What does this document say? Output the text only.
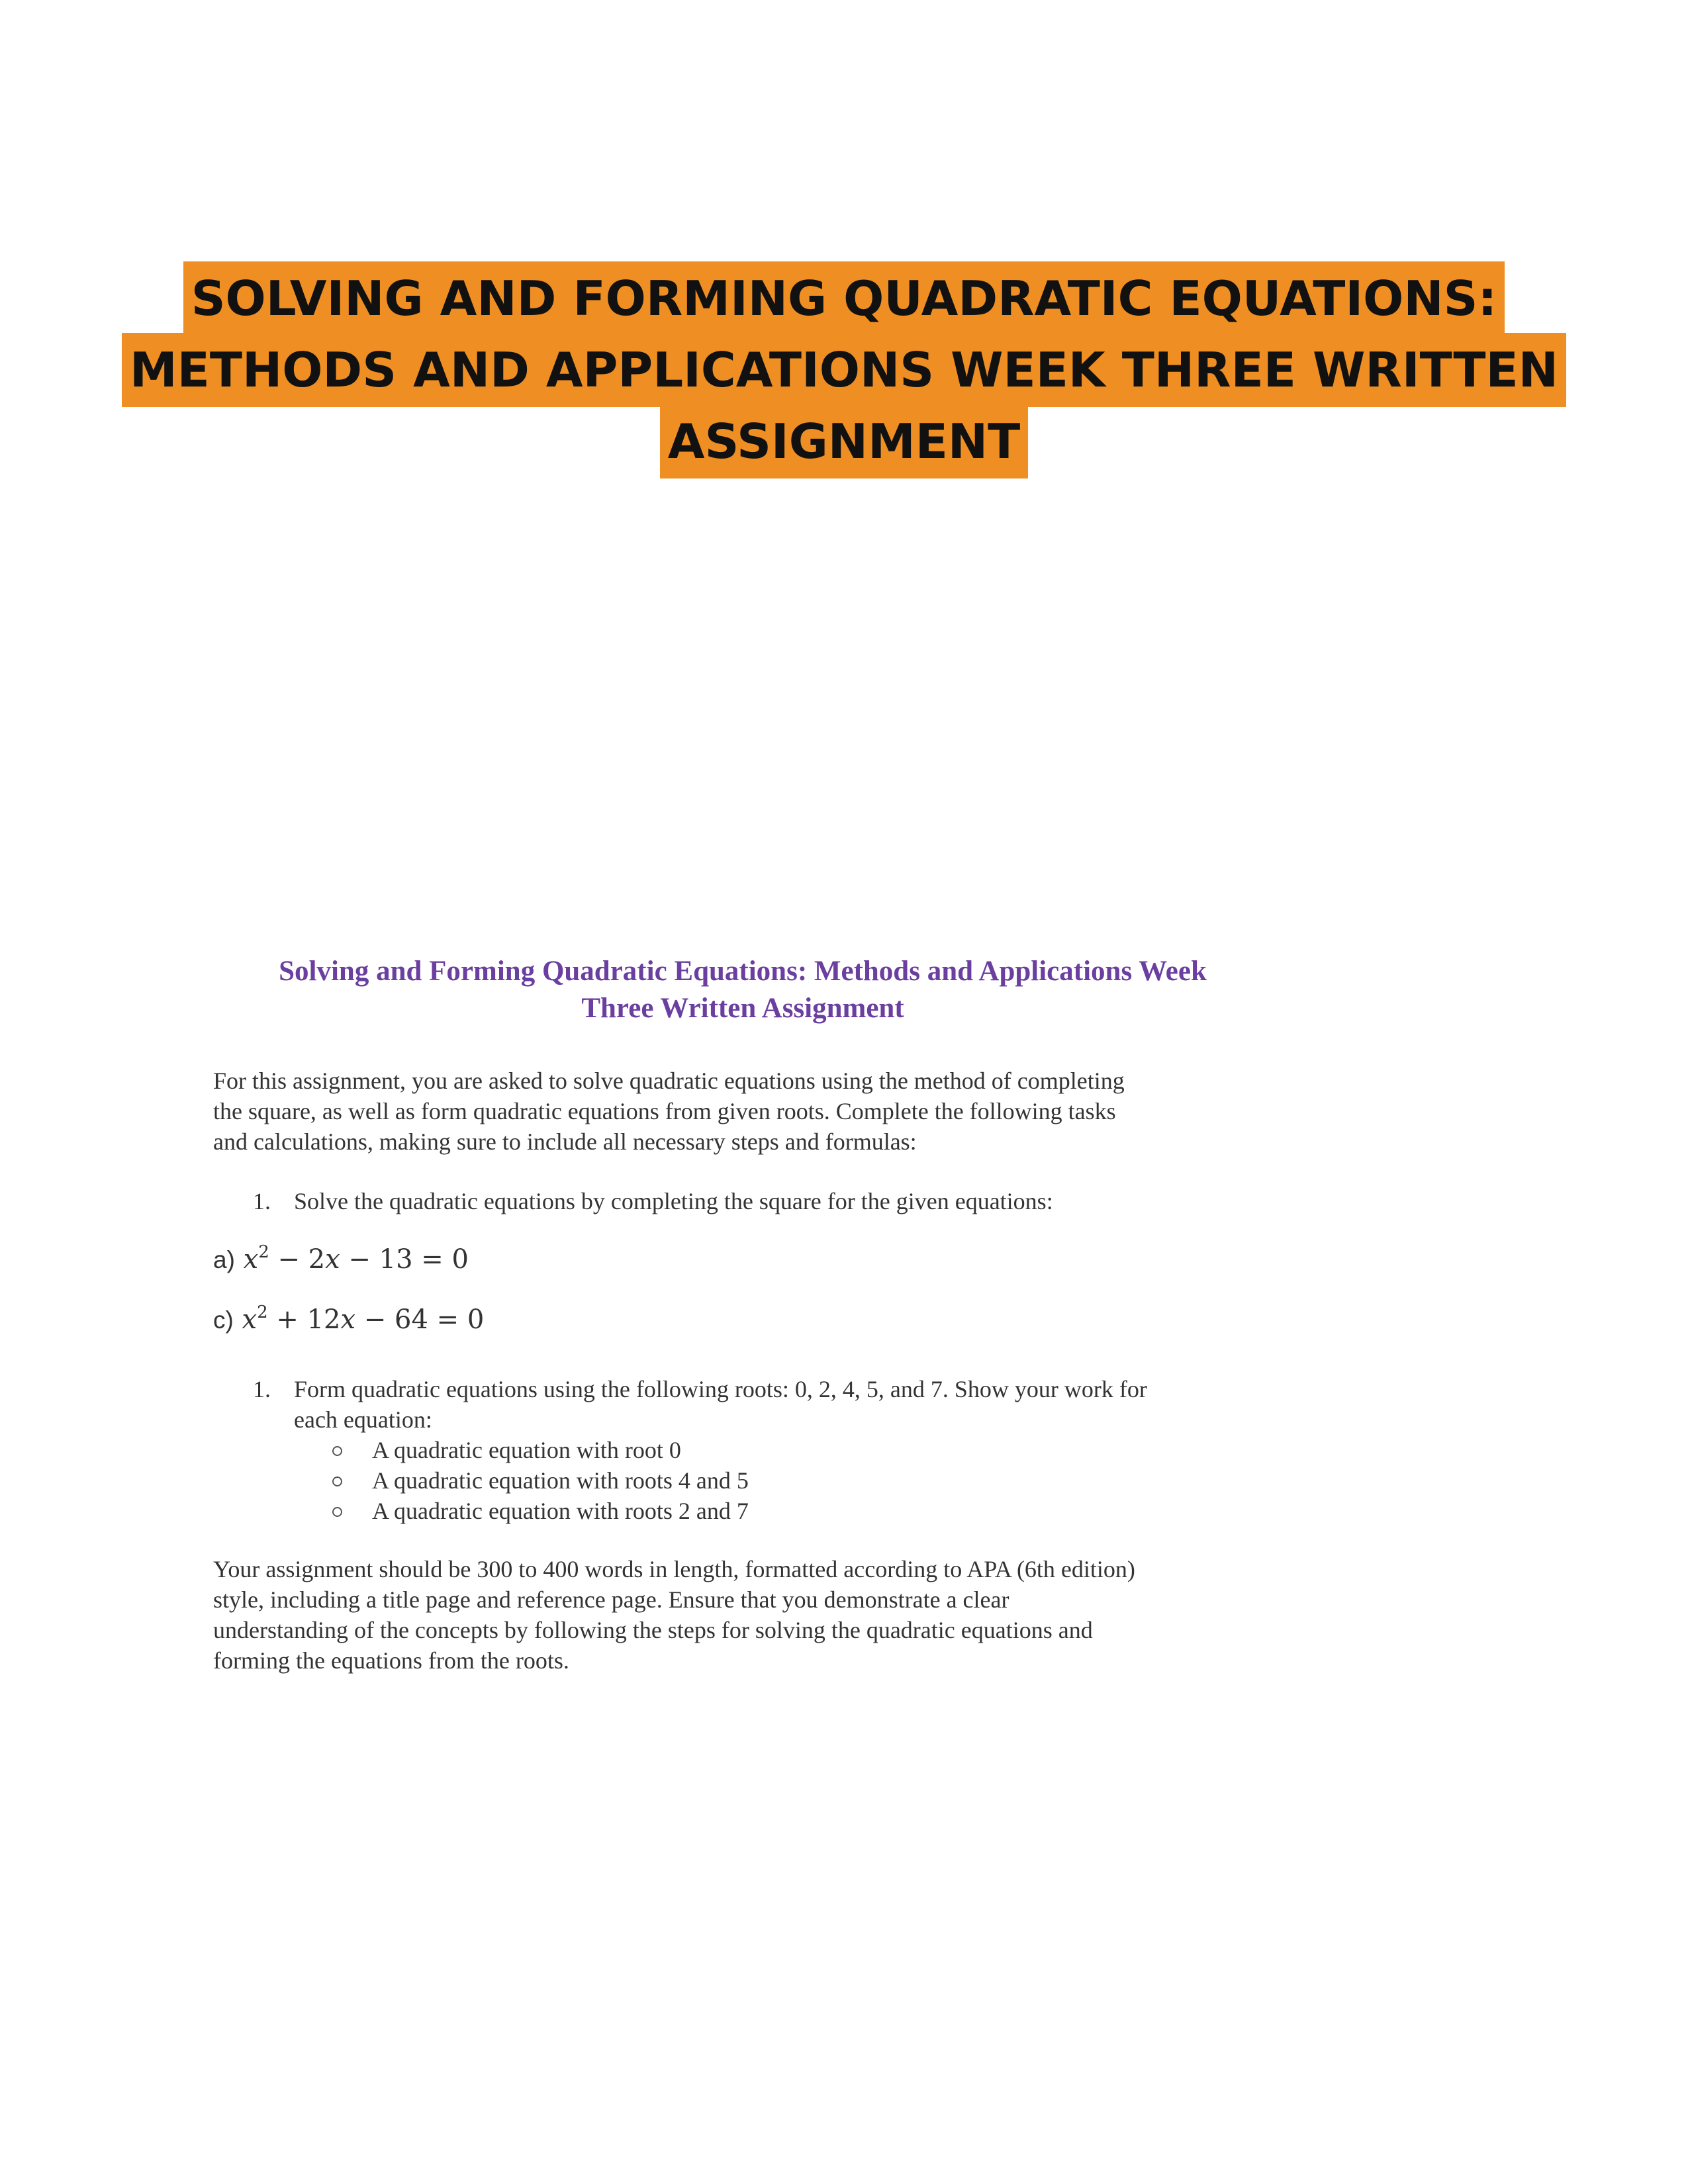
SOLVING AND FORMING QUADRATIC EQUATIONS:
METHODS AND APPLICATIONS WEEK THREE WRITTEN
ASSIGNMENT
Solving and Forming Quadratic Equations: Methods and Applications Week
Three Written Assignment

For this assignment, you are asked to solve quadratic equations using the method of completing
the square, as well as form quadratic equations from given roots. Complete the following tasks
and calculations, making sure to include all necessary steps and formulas:

1. Solve the quadratic equations by completing the square for the given equations:

a) $x^2 - 2x - 13 = 0$

c) $x^2 + 12x - 64 = 0$

1. Form quadratic equations using the following roots: 0, 2, 4, 5, and 7. Show your work for
each equation:
A quadratic equation with root 0
A quadratic equation with roots 4 and 5
A quadratic equation with roots 2 and 7

Your assignment should be 300 to 400 words in length, formatted according to APA (6th edition)
style, including a title page and reference page. Ensure that you demonstrate a clear
understanding of the concepts by following the steps for solving the quadratic equations and
forming the equations from the roots.
